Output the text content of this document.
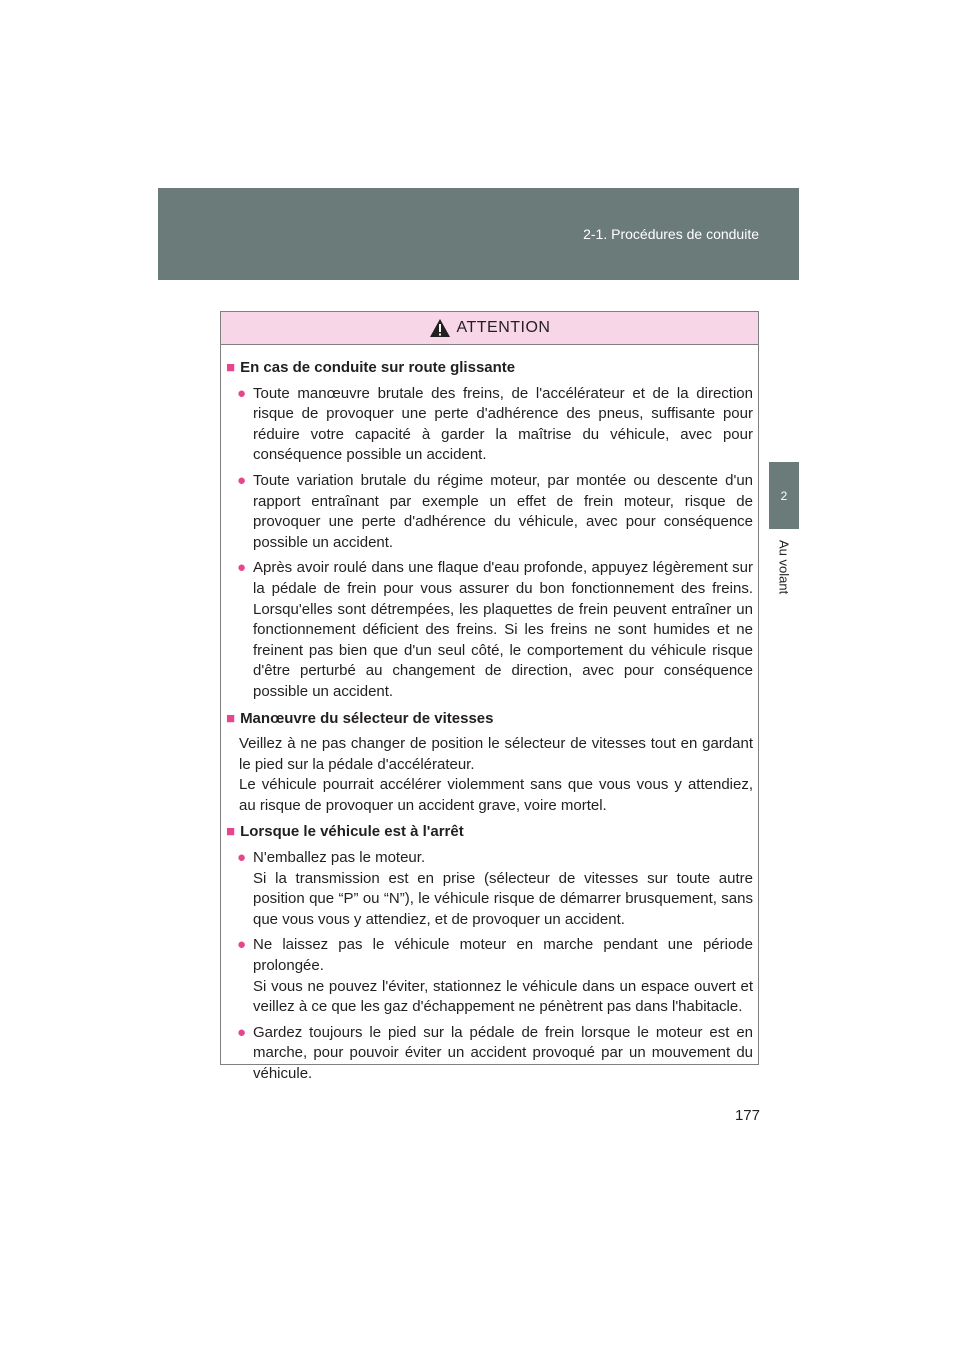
2-1. Procédures de conduite
2
Au volant
ATTENTION
■ En cas de conduite sur route glissante
● Toute manœuvre brutale des freins, de l'accélérateur et de la direction risque de provoquer une perte d'adhérence des pneus, suffisante pour réduire votre capacité à garder la maîtrise du véhicule, avec pour conséquence possible un accident.
● Toute variation brutale du régime moteur, par montée ou descente d'un rapport entraînant par exemple un effet de frein moteur, risque de provoquer une perte d'adhérence du véhicule, avec pour conséquence possible un accident.
● Après avoir roulé dans une flaque d'eau profonde, appuyez légèrement sur la pédale de frein pour vous assurer du bon fonctionnement des freins. Lorsqu'elles sont détrempées, les plaquettes de frein peuvent entraîner un fonctionnement déficient des freins. Si les freins ne sont humides et ne freinent pas bien que d'un seul côté, le comportement du véhicule risque d'être perturbé au changement de direction, avec pour conséquence possible un accident.
■ Manœuvre du sélecteur de vitesses
Veillez à ne pas changer de position le sélecteur de vitesses tout en gardant le pied sur la pédale d'accélérateur.
Le véhicule pourrait accélérer violemment sans que vous vous y attendiez, au risque de provoquer un accident grave, voire mortel.
■ Lorsque le véhicule est à l'arrêt
● N'emballez pas le moteur.
Si la transmission est en prise (sélecteur de vitesses sur toute autre position que “P” ou “N”), le véhicule risque de démarrer brusquement, sans que vous vous y attendiez, et de provoquer un accident.
● Ne laissez pas le véhicule moteur en marche pendant une période prolongée.
Si vous ne pouvez l'éviter, stationnez le véhicule dans un espace ouvert et veillez à ce que les gaz d'échappement ne pénètrent pas dans l'habitacle.
● Gardez toujours le pied sur la pédale de frein lorsque le moteur est en marche, pour pouvoir éviter un accident provoqué par un mouvement du véhicule.
177
